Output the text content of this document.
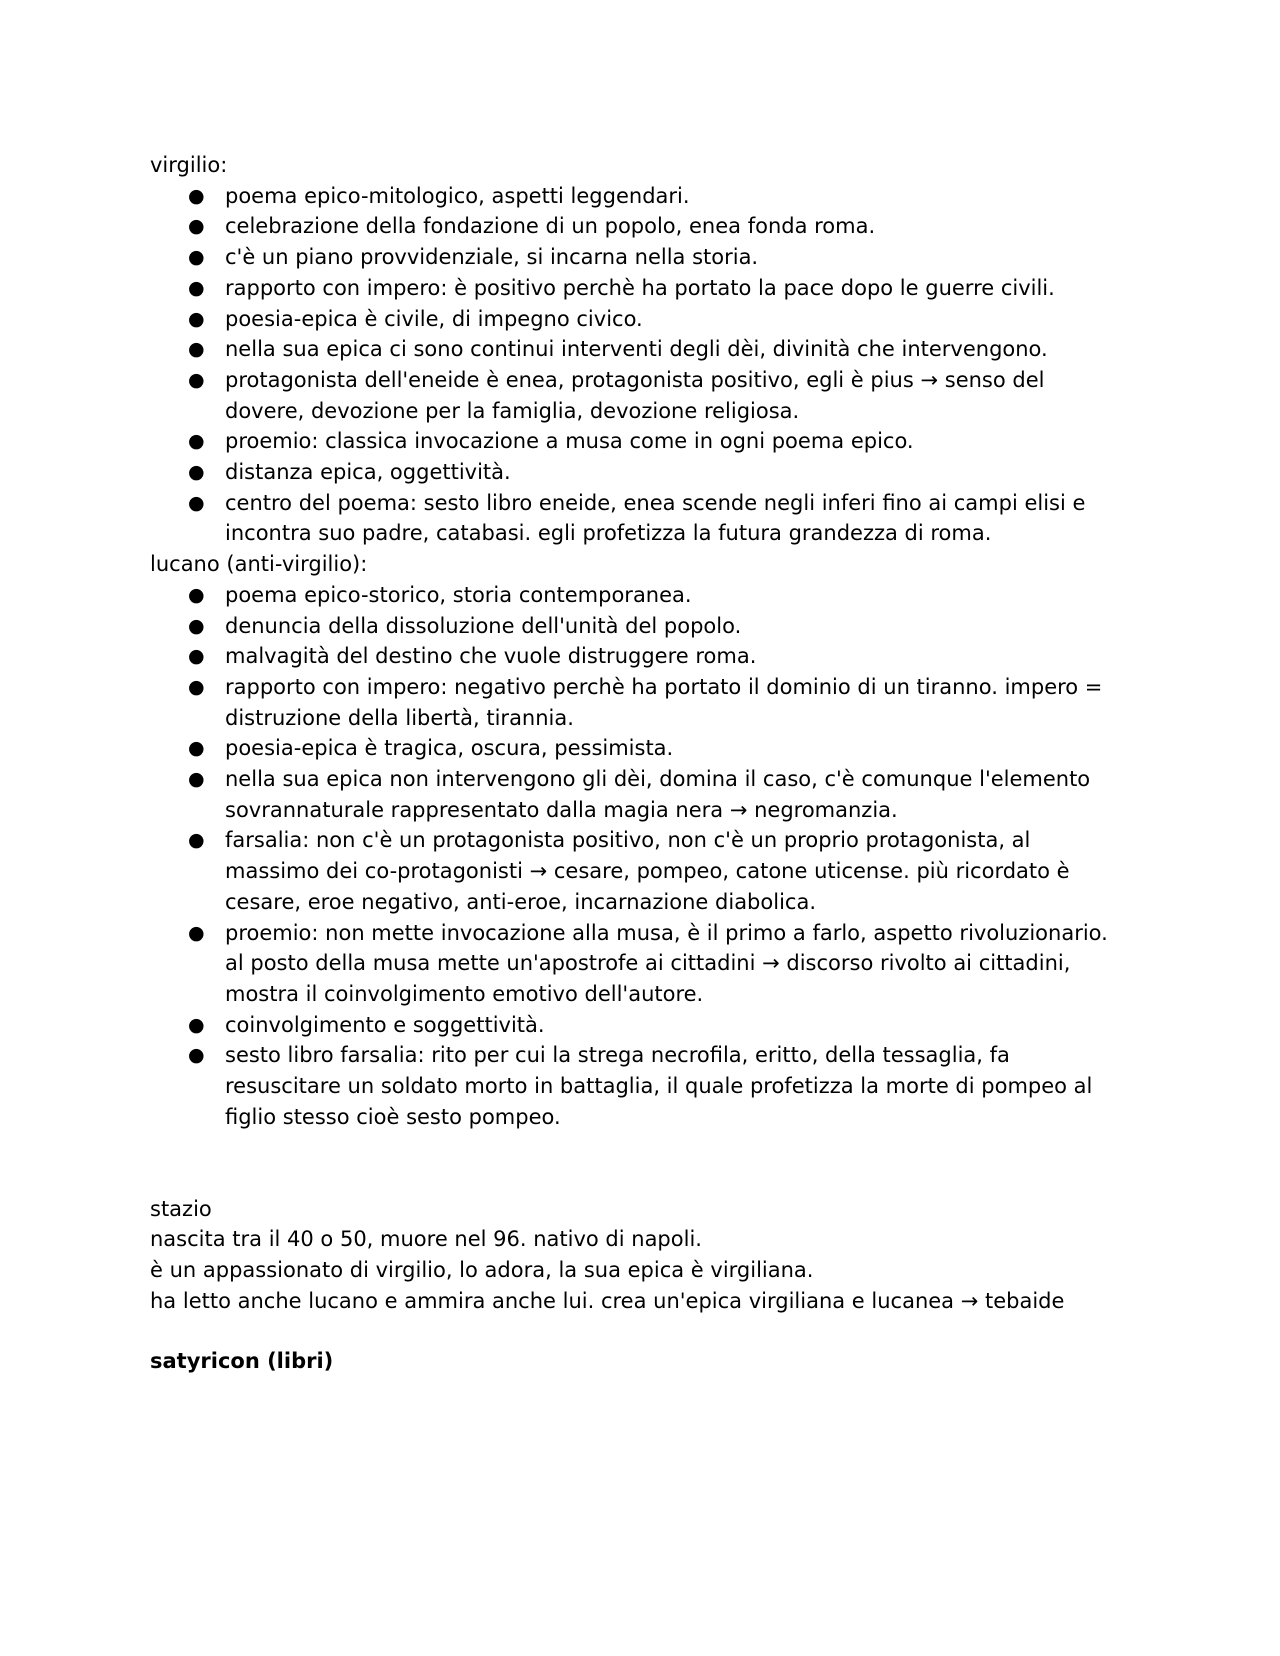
virgilio:

● poema epico-mitologico, aspetti leggendari.
● celebrazione della fondazione di un popolo, enea fonda roma.
● c'è un piano provvidenziale, si incarna nella storia.
● rapporto con impero: è positivo perchè ha portato la pace dopo le guerre civili.
● poesia-epica è civile, di impegno civico.
● nella sua epica ci sono continui interventi degli dèi, divinità che intervengono.
● protagonista dell'eneide è enea, protagonista positivo, egli è pius → senso del dovere, devozione per la famiglia, devozione religiosa.
● proemio: classica invocazione a musa come in ogni poema epico.
● distanza epica, oggettività.
● centro del poema: sesto libro eneide, enea scende negli inferi fino ai campi elisi e incontra suo padre, catabasi. egli profetizza la futura grandezza di roma.

lucano (anti-virgilio):

● poema epico-storico, storia contemporanea.
● denuncia della dissoluzione dell'unità del popolo.
● malvagità del destino che vuole distruggere roma.
● rapporto con impero: negativo perchè ha portato il dominio di un tiranno. impero = distruzione della libertà, tirannia.
● poesia-epica è tragica, oscura, pessimista.
● nella sua epica non intervengono gli dèi, domina il caso, c'è comunque l'elemento sovrannaturale rappresentato dalla magia nera → negromanzia.
● farsalia: non c'è un protagonista positivo, non c'è un proprio protagonista, al massimo dei co-protagonisti → cesare, pompeo, catone uticense. più ricordato è cesare, eroe negativo, anti-eroe, incarnazione diabolica.
● proemio: non mette invocazione alla musa, è il primo a farlo, aspetto rivoluzionario. al posto della musa mette un'apostrofe ai cittadini → discorso rivolto ai cittadini, mostra il coinvolgimento emotivo dell'autore.
● coinvolgimento e soggettività.
● sesto libro farsalia: rito per cui la strega necrofila, eritto, della tessaglia, fa resuscitare un soldato morto in battaglia, il quale profetizza la morte di pompeo al figlio stesso cioè sesto pompeo.

stazio

nascita tra il 40 o 50, muore nel 96. nativo di napoli.

è un appassionato di virgilio, lo adora, la sua epica è virgiliana.

ha letto anche lucano e ammira anche lui. crea un'epica virgiliana e lucanea → tebaide

satyricon (libri)
